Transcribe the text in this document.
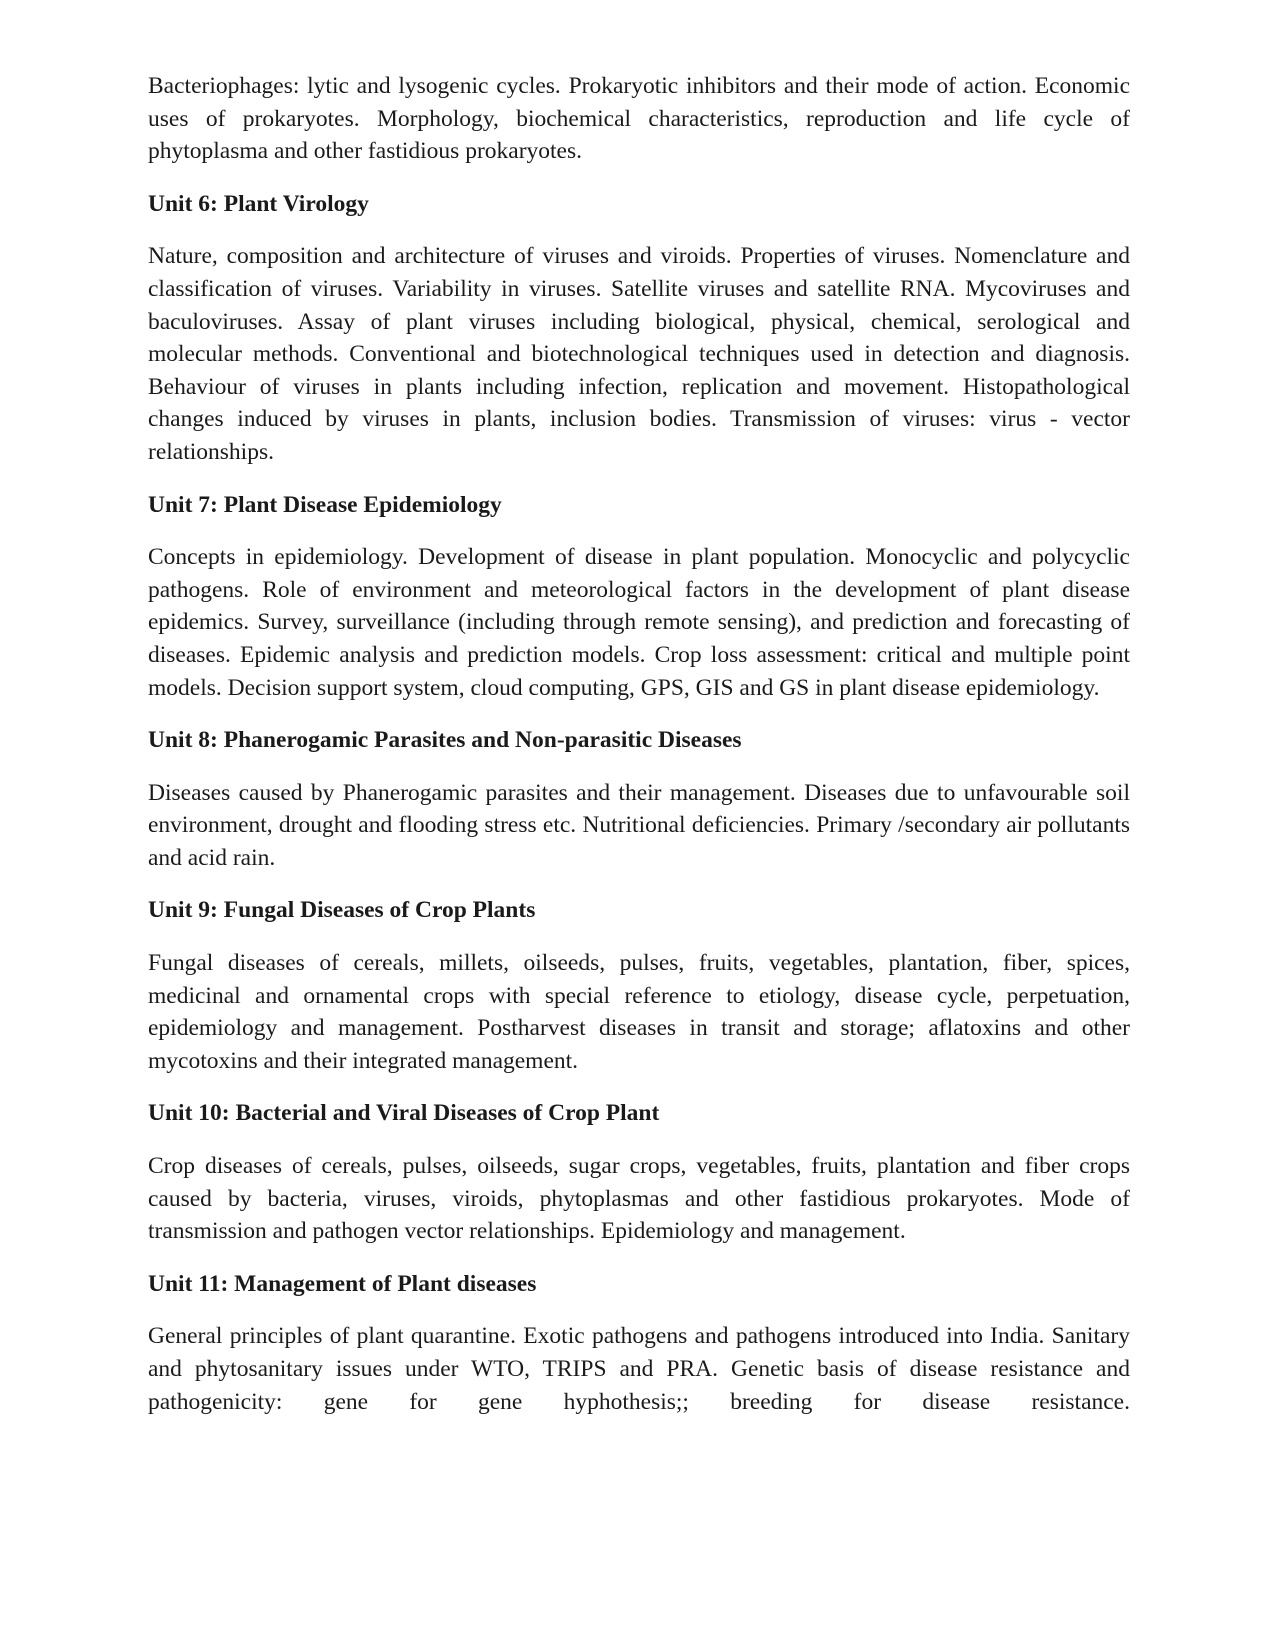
Bacteriophages: lytic and lysogenic cycles. Prokaryotic inhibitors and their mode of action. Economic uses of prokaryotes. Morphology, biochemical characteristics, reproduction and life cycle of phytoplasma and other fastidious prokaryotes.

Unit 6: Plant Virology

Nature, composition and architecture of viruses and viroids. Properties of viruses. Nomenclature and classification of viruses. Variability in viruses. Satellite viruses and satellite RNA. Mycoviruses and baculoviruses. Assay of plant viruses including biological, physical, chemical, serological and molecular methods. Conventional and biotechnological techniques used in detection and diagnosis. Behaviour of viruses in plants including infection, replication and movement. Histopathological changes induced by viruses in plants, inclusion bodies. Transmission of viruses: virus - vector relationships.

Unit 7: Plant Disease Epidemiology

Concepts in epidemiology. Development of disease in plant population. Monocyclic and polycyclic pathogens. Role of environment and meteorological factors in the development of plant disease epidemics. Survey, surveillance (including through remote sensing), and prediction and forecasting of diseases. Epidemic analysis and prediction models. Crop loss assessment: critical and multiple point models. Decision support system, cloud computing, GPS, GIS and GS in plant disease epidemiology.

Unit 8: Phanerogamic Parasites and Non-parasitic Diseases

Diseases caused by Phanerogamic parasites and their management. Diseases due to unfavourable soil environment, drought and flooding stress etc. Nutritional deficiencies. Primary /secondary air pollutants and acid rain.

Unit 9: Fungal Diseases of Crop Plants

Fungal diseases of cereals, millets, oilseeds, pulses, fruits, vegetables, plantation, fiber, spices, medicinal and ornamental crops with special reference to etiology, disease cycle, perpetuation, epidemiology and management. Postharvest diseases in transit and storage; aflatoxins and other mycotoxins and their integrated management.

Unit 10: Bacterial and Viral Diseases of Crop Plant

Crop diseases of cereals, pulses, oilseeds, sugar crops, vegetables, fruits, plantation and fiber crops caused by bacteria, viruses, viroids, phytoplasmas and other fastidious prokaryotes. Mode of transmission and pathogen vector relationships. Epidemiology and management.

Unit 11: Management of Plant diseases

General principles of plant quarantine. Exotic pathogens and pathogens introduced into India. Sanitary and phytosanitary issues under WTO, TRIPS and PRA. Genetic basis of disease resistance and pathogenicity: gene for gene hyphothesis;; breeding for disease resistance.
